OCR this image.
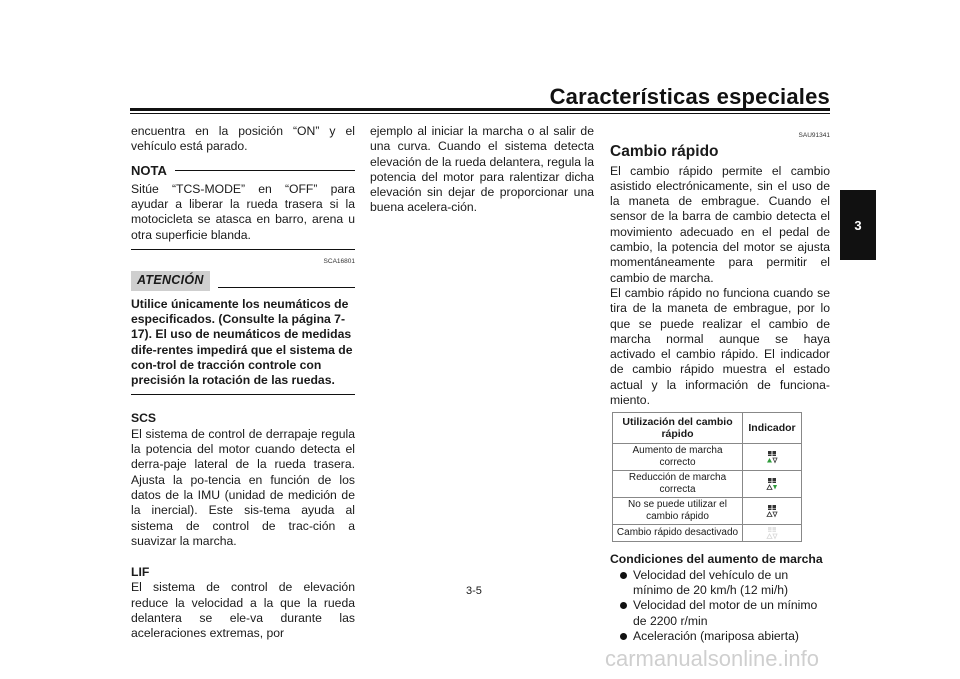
Características especiales
3

encuentra en la posición “ON” y el vehículo está parado.

NOTA

Sitúe “TCS-MODE” en “OFF” para ayudar a liberar la rueda trasera si la motocicleta se atasca en barro, arena u otra superficie blanda.

SCA16801
ATENCIÓN

Utilice únicamente los neumáticos de especificados. (Consulte la página 7-17). El uso de neumáticos de medidas dife-rentes impedirá que el sistema de con-trol de tracción controle con precisión la rotación de las ruedas.

SCS

El sistema de control de derrapaje regula la potencia del motor cuando detecta el derra-paje lateral de la rueda trasera. Ajusta la po-tencia en función de los datos de la IMU (unidad de medición de la inercial). Este sis-tema ayuda al sistema de control de trac-ción a suavizar la marcha.

LIF

El sistema de control de elevación reduce la velocidad a la que la rueda delantera se ele-va durante las aceleraciones extremas, por

ejemplo al iniciar la marcha o al salir de una curva. Cuando el sistema detecta elevación de la rueda delantera, regula la potencia del motor para ralentizar dicha elevación sin dejar de proporcionar una buena acelera-ción.

SAU91341
Cambio rápido

El cambio rápido permite el cambio asistido electrónicamente, sin el uso de la maneta de embrague. Cuando el sensor de la barra de cambio detecta el movimiento adecuado en el pedal de cambio, la potencia del motor se ajusta momentáneamente para permitir el cambio de marcha.

El cambio rápido no funciona cuando se tira de la maneta de embrague, por lo que se puede realizar el cambio de marcha normal aunque se haya activado el cambio rápido. El indicador de cambio rápido muestra el estado actual y la información de funciona-miento.

Utilización del cambio rápido	Indicador
Aumento de marcha correcto	
Reducción de marcha correcta	
No se puede utilizar el cambio rápido	
Cambio rápido desactivado	
Condiciones del aumento de marcha
Velocidad del vehículo de un mínimo de 20 km/h (12 mi/h)
Velocidad del motor de un mínimo de 2200 r/min
Aceleración (mariposa abierta)
3-5
carmanualsonline.info
